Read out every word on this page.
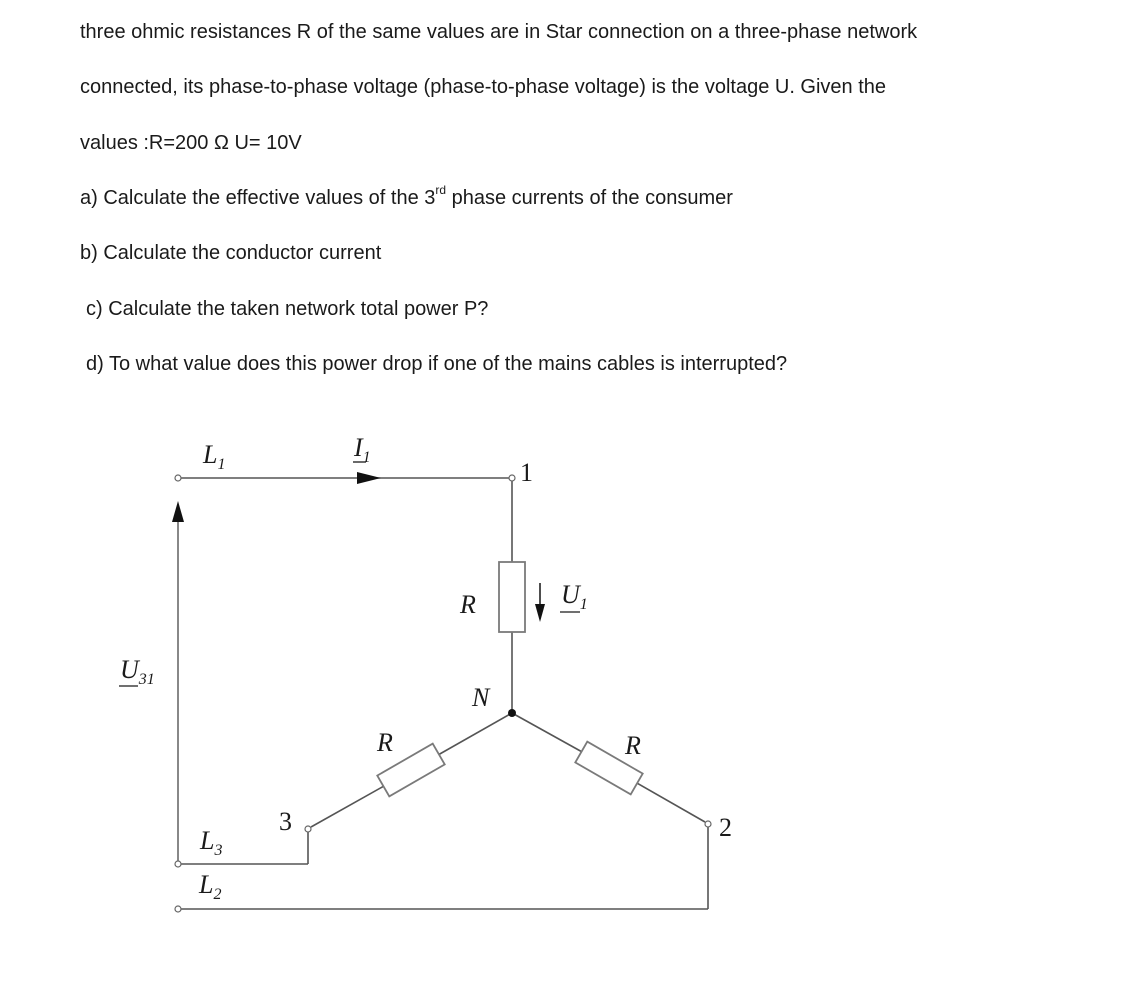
three ohmic resistances R of the same values are in Star connection on a three-phase network
connected, its phase-to-phase voltage (phase-to-phase voltage) is the voltage U. Given the
values :R=200 Ω U= 10V
a) Calculate the effective values of the 3rd phase currents of the consumer
b) Calculate the conductor current
c) Calculate the taken network total power P?
d) To what value does this power drop if one of the mains cables is interrupted?
$L_1$
$I_1$
1
R	$U_1$
$U_{31}$
N
R	R
3	2
$L_3$
$L_2$
